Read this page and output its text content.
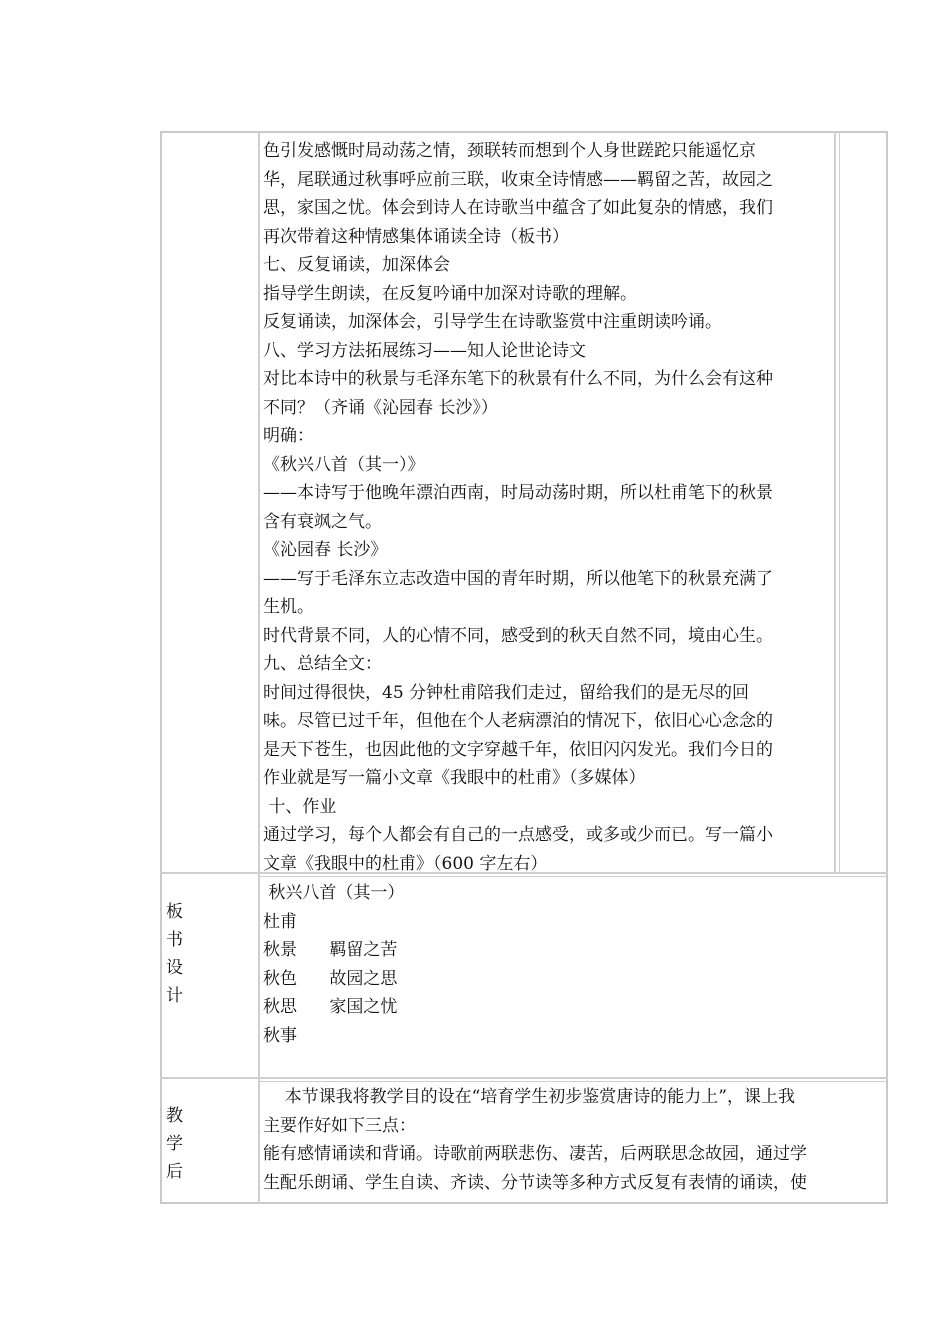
色引发感慨时局动荡之情，颈联转而想到个人身世蹉跎只能遥忆京
华，尾联通过秋事呼应前三联，收束全诗情感——羁留之苦，故园之
思，家国之忧。体会到诗人在诗歌当中蕴含了如此复杂的情感，我们
再次带着这种情感集体诵读全诗（板书）
七、反复诵读，加深体会
指导学生朗读，在反复吟诵中加深对诗歌的理解。
反复诵读，加深体会，引导学生在诗歌鉴赏中注重朗读吟诵。
八、学习方法拓展练习——知人论世论诗文
对比本诗中的秋景与毛泽东笔下的秋景有什么不同，为什么会有这种
不同？（齐诵《沁园春 长沙》）
明确：
《秋兴八首（其一）》
——本诗写于他晚年漂泊西南，时局动荡时期，所以杜甫笔下的秋景
含有衰飒之气。
《沁园春 长沙》
——写于毛泽东立志改造中国的青年时期，所以他笔下的秋景充满了
生机。
时代背景不同，人的心情不同，感受到的秋天自然不同，境由心生。
九、总结全文：
时间过得很快，45 分钟杜甫陪我们走过，留给我们的是无尽的回
味。尽管已过千年，但他在个人老病漂泊的情况下，依旧心心念念的
是天下苍生，也因此他的文字穿越千年，依旧闪闪发光。我们今日的
作业就是写一篇小文章《我眼中的杜甫》（多媒体）
十、作业
通过学习，每个人都会有自己的一点感受，或多或少而已。写一篇小
文章《我眼中的杜甫》（600 字左右）
板
书
设
计
秋兴八首（其一）
杜甫
秋景      羁留之苦
秋色      故园之思
秋思      家国之忧
秋事
教
学
后
本节课我将教学目的设在“培育学生初步鉴赏唐诗的能力上”，课上我
主要作好如下三点：
能有感情诵读和背诵。诗歌前两联悲伤、凄苦，后两联思念故园，通过学
生配乐朗诵、学生自读、齐读、分节读等多种方式反复有表情的诵读，使
